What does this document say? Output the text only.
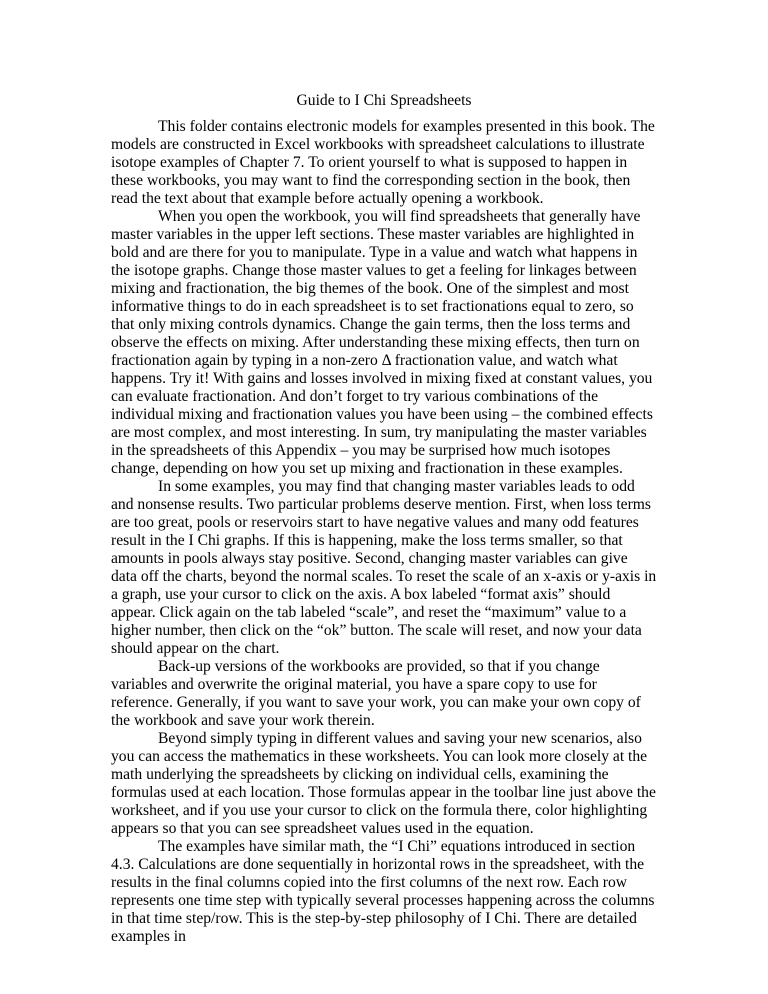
Guide to I Chi Spreadsheets

This folder contains electronic models for examples presented in this book. The models are constructed in Excel workbooks with spreadsheet calculations to illustrate isotope examples of Chapter 7. To orient yourself to what is supposed to happen in these workbooks, you may want to find the corresponding section in the book, then read the text about that example before actually opening a workbook.

When you open the workbook, you will find spreadsheets that generally have master variables in the upper left sections. These master variables are highlighted in bold and are there for you to manipulate. Type in a value and watch what happens in the isotope graphs. Change those master values to get a feeling for linkages between mixing and fractionation, the big themes of the book. One of the simplest and most informative things to do in each spreadsheet is to set fractionations equal to zero, so that only mixing controls dynamics. Change the gain terms, then the loss terms and observe the effects on mixing. After understanding these mixing effects, then turn on fractionation again by typing in a non-zero Δ fractionation value, and watch what happens. Try it! With gains and losses involved in mixing fixed at constant values, you can evaluate fractionation. And don’t forget to try various combinations of the individual mixing and fractionation values you have been using – the combined effects are most complex, and most interesting. In sum, try manipulating the master variables in the spreadsheets of this Appendix – you may be surprised how much isotopes change, depending on how you set up mixing and fractionation in these examples.

In some examples, you may find that changing master variables leads to odd and nonsense results. Two particular problems deserve mention. First, when loss terms are too great, pools or reservoirs start to have negative values and many odd features result in the I Chi graphs. If this is happening, make the loss terms smaller, so that amounts in pools always stay positive. Second, changing master variables can give data off the charts, beyond the normal scales. To reset the scale of an x-axis or y-axis in a graph, use your cursor to click on the axis. A box labeled “format axis” should appear. Click again on the tab labeled “scale”, and reset the “maximum” value to a higher number, then click on the “ok” button. The scale will reset, and now your data should appear on the chart.

Back-up versions of the workbooks are provided, so that if you change variables and overwrite the original material, you have a spare copy to use for reference. Generally, if you want to save your work, you can make your own copy of the workbook and save your work therein.

Beyond simply typing in different values and saving your new scenarios, also you can access the mathematics in these worksheets. You can look more closely at the math underlying the spreadsheets by clicking on individual cells, examining the formulas used at each location. Those formulas appear in the toolbar line just above the worksheet, and if you use your cursor to click on the formula there, color highlighting appears so that you can see spreadsheet values used in the equation.

The examples have similar math, the “I Chi” equations introduced in section 4.3. Calculations are done sequentially in horizontal rows in the spreadsheet, with the results in the final columns copied into the first columns of the next row. Each row represents one time step with typically several processes happening across the columns in that time step/row. This is the step-by-step philosophy of I Chi. There are detailed examples in
